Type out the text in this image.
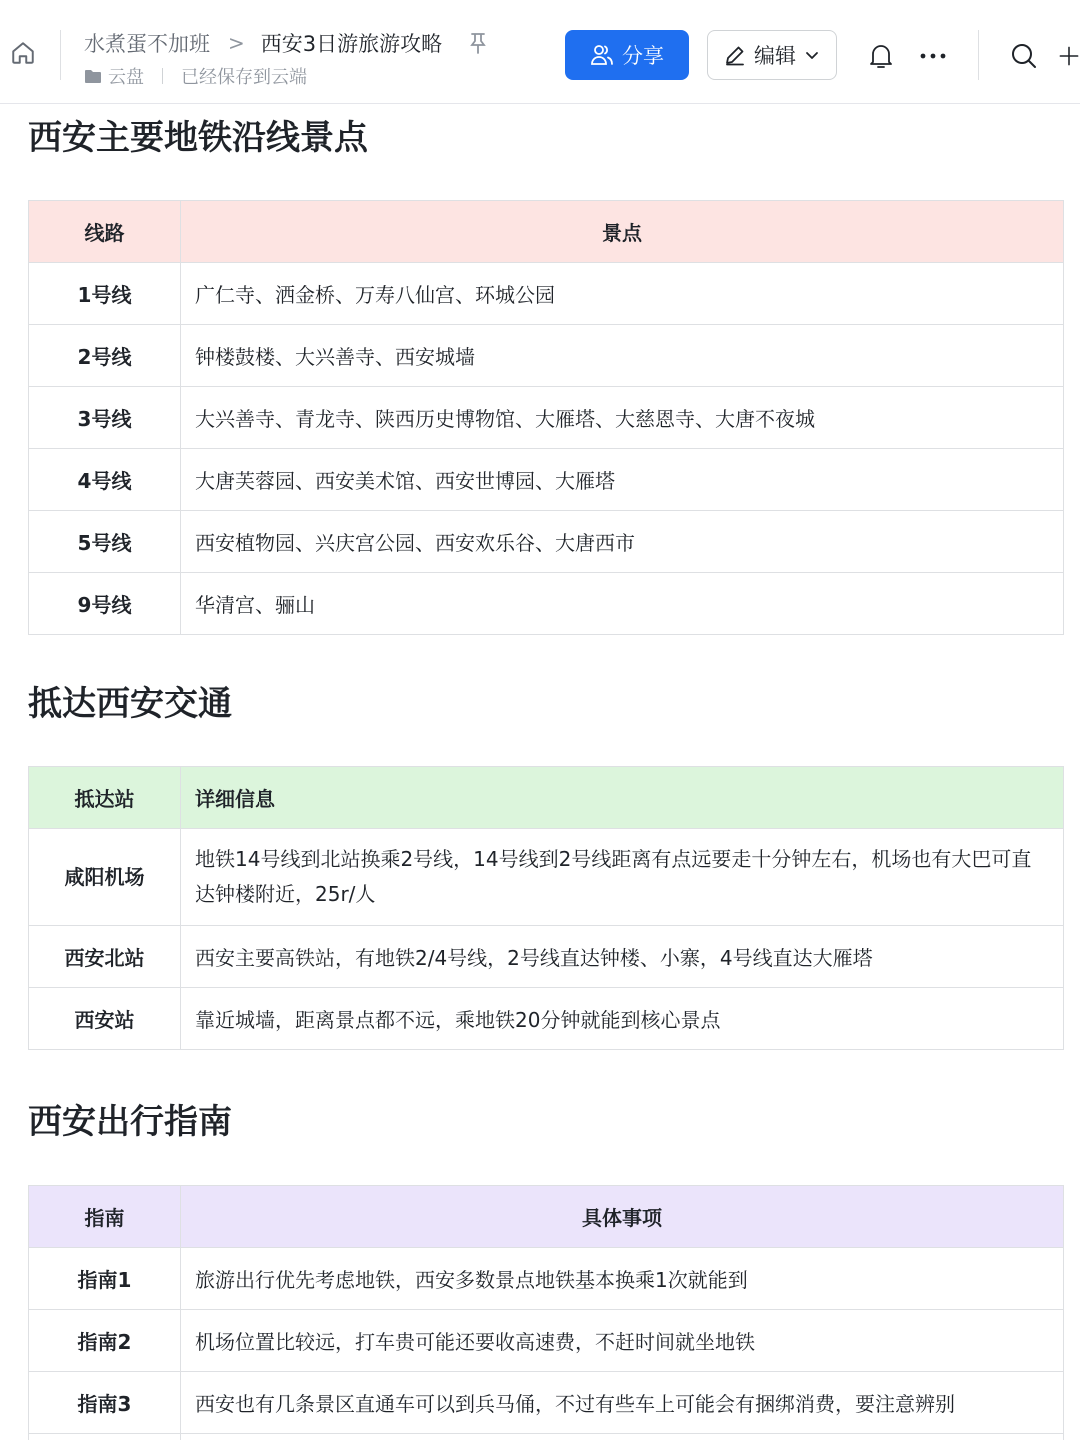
水煮蛋不加班 > 西安3日游旅游攻略
云盘 已经保存到云端
分享	编辑
西安主要地铁沿线景点
线路	景点
1号线	广仁寺、洒金桥、万寿八仙宫、环城公园
2号线	钟楼鼓楼、大兴善寺、西安城墙
3号线	大兴善寺、青龙寺、陕西历史博物馆、大雁塔、大慈恩寺、大唐不夜城
4号线	大唐芙蓉园、西安美术馆、西安世博园、大雁塔
5号线	西安植物园、兴庆宫公园、西安欢乐谷、大唐西市
9号线	华清宫、骊山
抵达西安交通
抵达站	详细信息
咸阳机场	地铁14号线到北站换乘2号线，14号线到2号线距离有点远要走十分钟左右，机场也有大巴可直达钟楼附近，25r/人
西安北站	西安主要高铁站，有地铁2/4号线，2号线直达钟楼、小寨，4号线直达大雁塔
西安站	靠近城墙，距离景点都不远，乘地铁20分钟就能到核心景点
西安出行指南
指南	具体事项
指南1	旅游出行优先考虑地铁，西安多数景点地铁基本换乘1次就能到
指南2	机场位置比较远，打车贵可能还要收高速费，不赶时间就坐地铁
指南3	西安也有几条景区直通车可以到兵马俑，不过有些车上可能会有捆绑消费，要注意辨别
